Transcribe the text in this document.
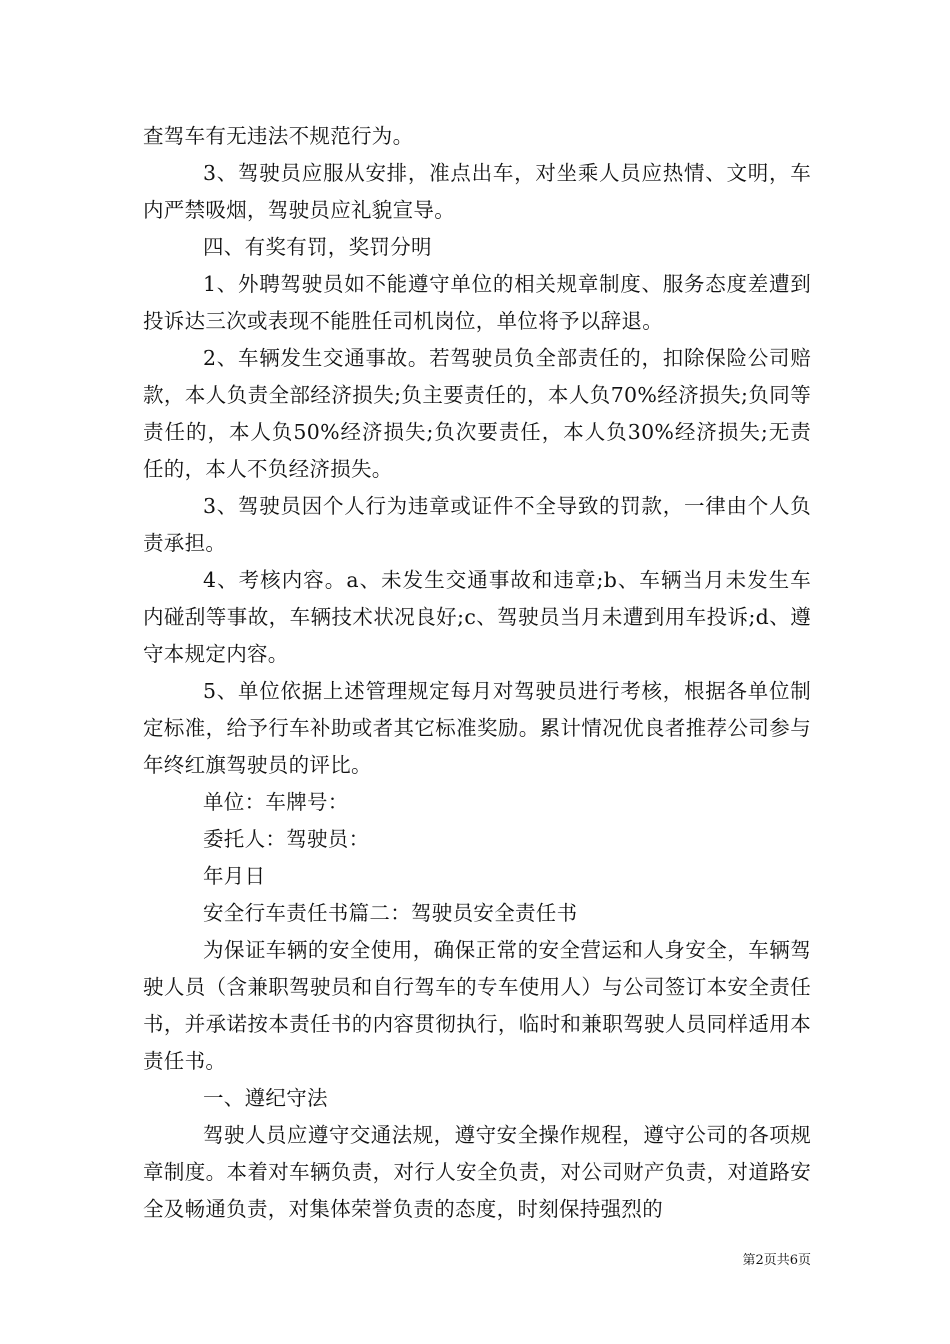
查驾车有无违法不规范行为。

3、驾驶员应服从安排，准点出车，对坐乘人员应热情、文明，车内严禁吸烟，驾驶员应礼貌宣导。

四、有奖有罚，奖罚分明

1、外聘驾驶员如不能遵守单位的相关规章制度、服务态度差遭到投诉达三次或表现不能胜任司机岗位，单位将予以辞退。

2、车辆发生交通事故。若驾驶员负全部责任的，扣除保险公司赔款，本人负责全部经济损失;负主要责任的，本人负70%经济损失;负同等责任的，本人负50%经济损失;负次要责任，本人负30%经济损失;无责任的，本人不负经济损失。

3、驾驶员因个人行为违章或证件不全导致的罚款，一律由个人负责承担。

4、考核内容。a、未发生交通事故和违章;b、车辆当月未发生车内碰刮等事故，车辆技术状况良好;c、驾驶员当月未遭到用车投诉;d、遵守本规定内容。

5、单位依据上述管理规定每月对驾驶员进行考核，根据各单位制定标准，给予行车补助或者其它标准奖励。累计情况优良者推荐公司参与年终红旗驾驶员的评比。

单位：车牌号：

委托人：驾驶员：

年月日

安全行车责任书篇二：驾驶员安全责任书

为保证车辆的安全使用，确保正常的安全营运和人身安全，车辆驾驶人员（含兼职驾驶员和自行驾车的专车使用人）与公司签订本安全责任书，并承诺按本责任书的内容贯彻执行，临时和兼职驾驶人员同样适用本责任书。

一、遵纪守法

驾驶人员应遵守交通法规，遵守安全操作规程，遵守公司的各项规章制度。本着对车辆负责，对行人安全负责，对公司财产负责，对道路安全及畅通负责，对集体荣誉负责的态度，时刻保持强烈的

第2页共6页
